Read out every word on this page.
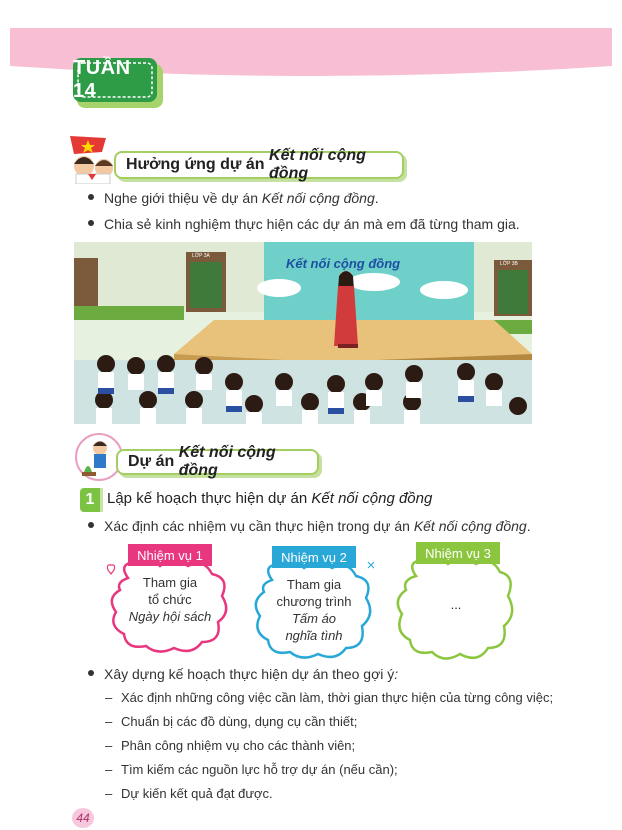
TUẦN 14
Hưởng ứng dự án
Kết nối cộng đồng
Nghe giới thiệu về dự án Kết nối cộng đồng.
Chia sẻ kinh nghiệm thực hiện các dự án mà em đã từng tham gia.
Kết nối cộng đồng
LỚP 3A
LỚP 3B
Dự án
Kết nối cộng đồng
1 Lập kế hoạch thực hiện dự án Kết nối cộng đồng
Xác định các nhiệm vụ cần thực hiện trong dự án Kết nối cộng đồng.
Nhiệm vụ 1
Tham gia
tổ chức
Ngày hội sách
Nhiệm vụ 2
Tham gia
chương trình
Tấm áo
nghĩa tình
Nhiệm vụ 3
...
Xây dựng kế hoạch thực hiện dự án theo gợi ý:
– Xác định những công việc cần làm, thời gian thực hiện của từng công việc;
– Chuẩn bị các đồ dùng, dụng cụ cần thiết;
– Phân công nhiệm vụ cho các thành viên;
– Tìm kiếm các nguồn lực hỗ trợ dự án (nếu cần);
– Dự kiến kết quả đạt được.
44
